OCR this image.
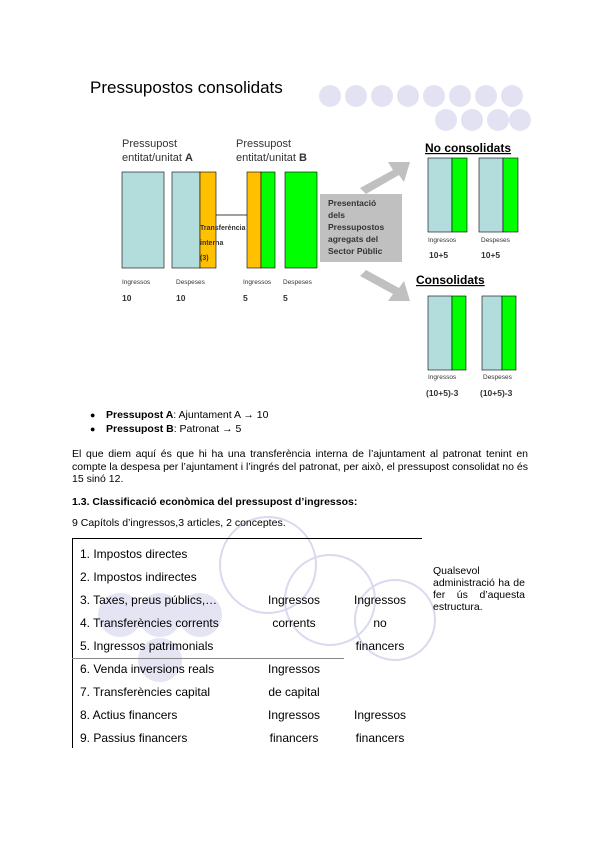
Pressupostos consolidats
Pressupost
entitat/unitat A
Pressupost
entitat/unitat B
Transferència
interna
(3)
Ingressos
10
Despeses
10
Ingressos
5
Despeses
5
Presentació
dels
Pressupostos
agregats del
Sector Públic
No consolidats
Ingressos
10+5
Despeses
10+5
Consolidats
Ingressos
(10+5)-3
Despeses
(10+5)-3
● Pressupost A: Ajuntament A → 10
● Pressupost B: Patronat → 5
El que diem aquí és que hi ha una transferència interna de l’ajuntament al patronat tenint en compte la despesa per l’ajuntament i l’ingrés del patronat, per això, el pressupost consolidat no és 15 sinó 12.
1.3. Classificació econòmica del pressupost d’ingressos:
9 Capítols d’ingressos,3 articles, 2 conceptes.
1. Impostos directes
2. Impostos indirectes
3. Taxes, preus públics,…
4. Transferències corrents
5. Ingressos patrimonials
6. Venda inversions reals
7. Transferències capital
8. Actius financers
9. Passius financers
Ingressos
corrents
Ingressos
de capital
Ingressos
financers
Ingressos
no
financers
Ingressos
financers
Qualsevol administració ha de fer ús d’aquesta estructura.
